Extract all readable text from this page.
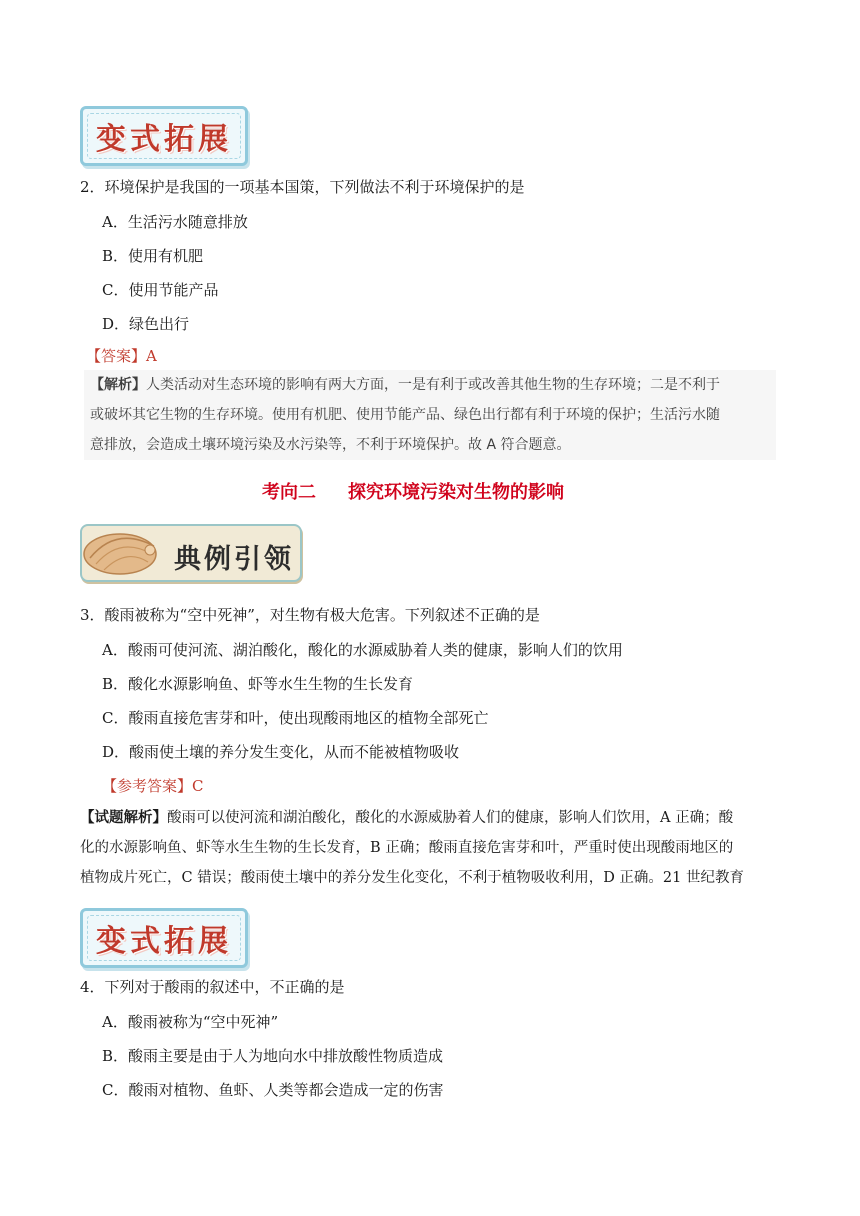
变式拓展
2．环境保护是我国的一项基本国策，下列做法不利于环境保护的是
A．生活污水随意排放
B．使用有机肥
C．使用节能产品
D．绿色出行
【答案】A
【解析】人类活动对生态环境的影响有两大方面，一是有利于或改善其他生物的生存环境；二是不利于
或破坏其它生物的生存环境。使用有机肥、使用节能产品、绿色出行都有利于环境的保护；生活污水随
意排放，会造成土壤环境污染及水污染等，不利于环境保护。故 A 符合题意。
考向二 探究环境污染对生物的影响
典例引领
3．酸雨被称为“空中死神”，对生物有极大危害。下列叙述不正确的是
A．酸雨可使河流、湖泊酸化，酸化的水源威胁着人类的健康，影响人们的饮用
B．酸化水源影响鱼、虾等水生生物的生长发育
C．酸雨直接危害芽和叶，使出现酸雨地区的植物全部死亡
D．酸雨使土壤的养分发生变化，从而不能被植物吸收
【参考答案】C
【试题解析】酸雨可以使河流和湖泊酸化，酸化的水源威胁着人们的健康，影响人们饮用，A 正确；酸
化的水源影响鱼、虾等水生生物的生长发育，B 正确；酸雨直接危害芽和叶，严重时使出现酸雨地区的
植物成片死亡，C 错误；酸雨使土壤中的养分发生化变化，不利于植物吸收利用，D 正确。21 世纪教育
变式拓展
4．下列对于酸雨的叙述中，不正确的是
A．酸雨被称为“空中死神”
B．酸雨主要是由于人为地向水中排放酸性物质造成
C．酸雨对植物、鱼虾、人类等都会造成一定的伤害
